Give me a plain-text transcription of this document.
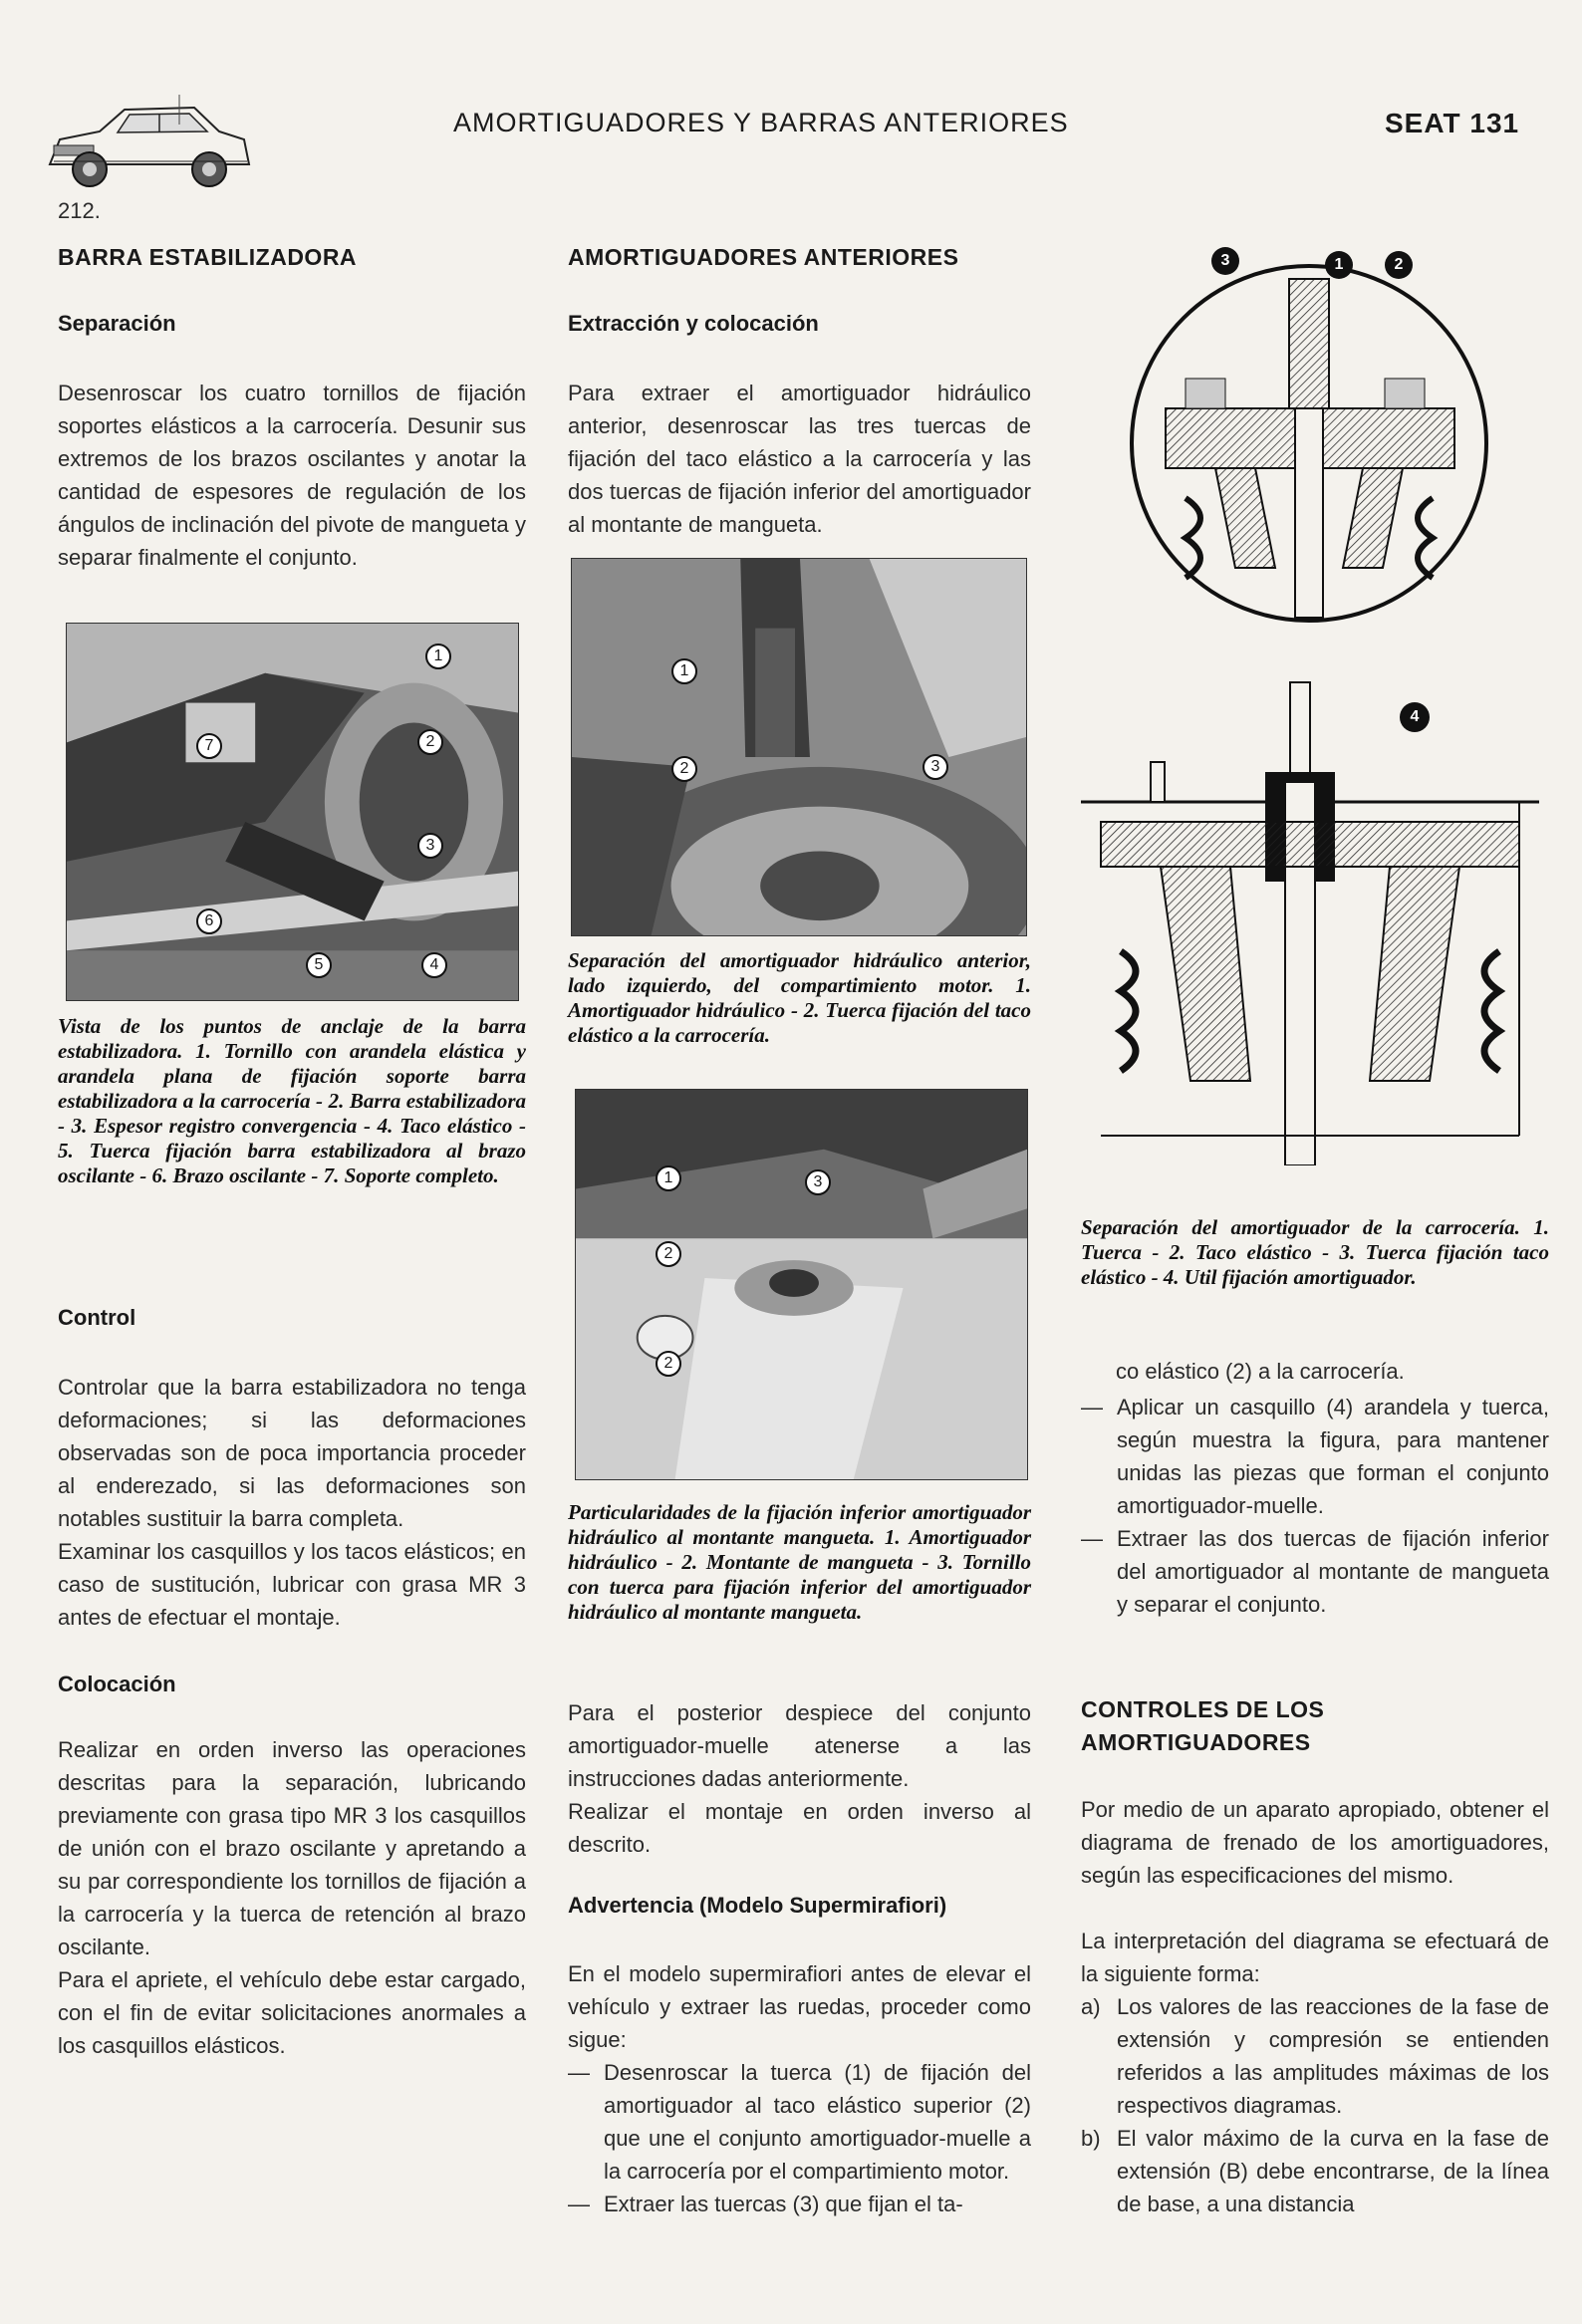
AMORTIGUADORES Y BARRAS ANTERIORES	SEAT 131
212.
BARRA ESTABILIZADORA
Separación
Desenroscar los cuatro tornillos de fijación soportes elásticos a la carrocería. Desunir sus extremos de los brazos oscilantes y anotar la cantidad de espesores de regulación de los ángulos de inclinación del pivote de mangueta y separar finalmente el conjunto.
1
7	2
3
6
5	4
Vista de los puntos de anclaje de la barra estabilizadora. 1. Tornillo con arandela elástica y arandela plana de fijación soporte barra estabilizadora a la carrocería - 2. Barra estabilizadora - 3. Espesor registro convergencia - 4. Taco elástico - 5. Tuerca fijación barra estabilizadora al brazo oscilante - 6. Brazo oscilante - 7. Soporte completo.
Control
Controlar que la barra estabilizadora no tenga deformaciones; si las deformaciones observadas son de poca importancia proceder al enderezado, si las deformaciones son notables sustituir la barra completa.
Examinar los casquillos y los tacos elásticos; en caso de sustitución, lubricar con grasa MR 3 antes de efectuar el montaje.
Colocación
Realizar en orden inverso las operaciones descritas para la separación, lubricando previamente con grasa tipo MR 3 los casquillos de unión con el brazo oscilante y apretando a su par correspondiente los tornillos de fijación a la carrocería y la tuerca de retención al brazo oscilante.
Para el apriete, el vehículo debe estar cargado, con el fin de evitar solicitaciones anormales a los casquillos elásticos.
AMORTIGUADORES ANTERIORES
Extracción y colocación
Para extraer el amortiguador hidráulico anterior, desenroscar las tres tuercas de fijación del taco elástico a la carrocería y las dos tuercas de fijación inferior del amortiguador al montante de mangueta.
1
2	3
Separación del amortiguador hidráulico anterior, lado izquierdo, del compartimiento motor. 1. Amortiguador hidráulico - 2. Tuerca fijación del taco elástico a la carrocería.
1	3
2
2
Particularidades de la fijación inferior amortiguador hidráulico al montante mangueta. 1. Amortiguador hidráulico - 2. Montante de mangueta - 3. Tornillo con tuerca para fijación inferior del amortiguador hidráulico al montante mangueta.
Para el posterior despiece del conjunto amortiguador-muelle atenerse a las instrucciones dadas anteriormente.
Realizar el montaje en orden inverso al descrito.
Advertencia (Modelo Supermirafiori)
En el modelo supermirafiori antes de elevar el vehículo y extraer las ruedas, proceder como sigue:
— Desenroscar la tuerca (1) de fijación del amortiguador al taco elástico superior (2) que une el conjunto amortiguador-muelle a la carrocería por el compartimiento motor.
— Extraer las tuercas (3) que fijan el ta-
3	1	2
4
Separación del amortiguador de la carrocería. 1. Tuerca - 2. Taco elástico - 3. Tuerca fijación taco elástico - 4. Util fijación amortiguador.
co elástico (2) a la carrocería.
— Aplicar un casquillo (4) arandela y tuerca, según muestra la figura, para mantener unidas las piezas que forman el conjunto amortiguador-muelle.
— Extraer las dos tuercas de fijación inferior del amortiguador al montante de mangueta y separar el conjunto.
CONTROLES DE LOS AMORTIGUADORES
Por medio de un aparato apropiado, obtener el diagrama de frenado de los amortiguadores, según las especificaciones del mismo.
La interpretación del diagrama se efectuará de la siguiente forma:
a) Los valores de las reacciones de la fase de extensión y compresión se entienden referidos a las amplitudes máximas de los respectivos diagramas.
b) El valor máximo de la curva en la fase de extensión (B) debe encontrarse, de la línea de base, a una distancia
